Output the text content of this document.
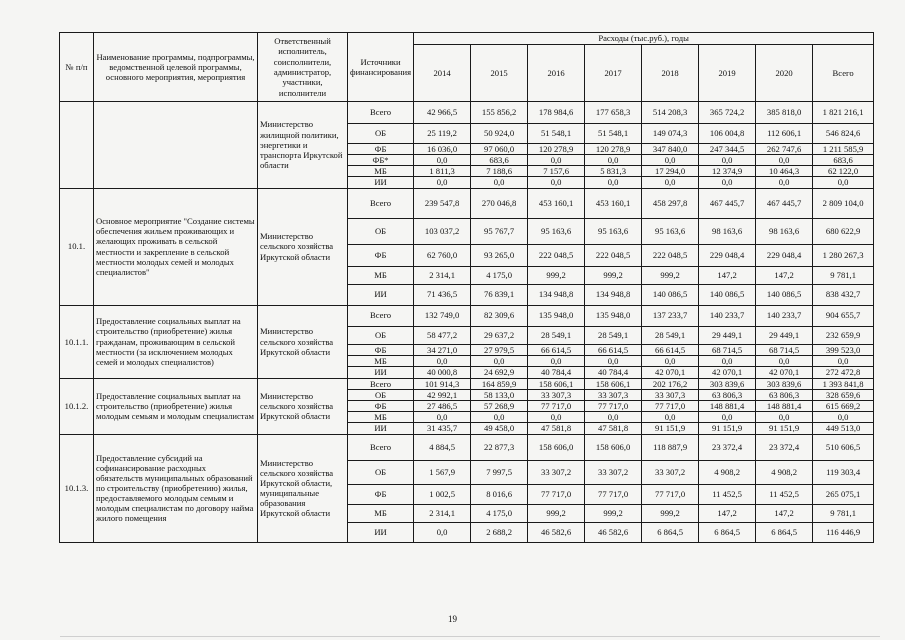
№ п/п	Наименование программы, подпрограммы, ведомственной целевой программы, основного мероприятия, мероприятия	Ответственный исполнитель, соисполнители, администратор, участники, исполнители	Источники финансирования	Расходы (тыс.руб.), годы							
				2014	2015	2016	2017	2018	2019	2020	Всего
		Министерство жилищной политики, энергетики и транспорта Иркутской области	Всего	42 966,5	155 856,2	178 984,6	177 658,3	514 208,3	365 724,2	385 818,0	1 821 216,1
			ОБ	25 119,2	50 924,0	51 548,1	51 548,1	149 074,3	106 004,8	112 606,1	546 824,6
			ФБ	16 036,0	97 060,0	120 278,9	120 278,9	347 840,0	247 344,5	262 747,6	1 211 585,9
			ФБ*	0,0	683,6	0,0	0,0	0,0	0,0	0,0	683,6
			МБ	1 811,3	7 188,6	7 157,6	5 831,3	17 294,0	12 374,9	10 464,3	62 122,0
			ИИ	0,0	0,0	0,0	0,0	0,0	0,0	0,0	0,0
10.1.	Основное мероприятие "Создание системы обеспечения жильем проживающих и желающих проживать в сельской местности и закрепление в сельской местности молодых семей и молодых специалистов"	Министерство сельского хозяйства Иркутской области	Всего	239 547,8	270 046,8	453 160,1	453 160,1	458 297,8	467 445,7	467 445,7	2 809 104,0
			ОБ	103 037,2	95 767,7	95 163,6	95 163,6	95 163,6	98 163,6	98 163,6	680 622,9
			ФБ	62 760,0	93 265,0	222 048,5	222 048,5	222 048,5	229 048,4	229 048,4	1 280 267,3
			МБ	2 314,1	4 175,0	999,2	999,2	999,2	147,2	147,2	9 781,1
			ИИ	71 436,5	76 839,1	134 948,8	134 948,8	140 086,5	140 086,5	140 086,5	838 432,7
10.1.1.	Предоставление социальных выплат на строительство (приобретение) жилья гражданам, проживающим в сельской местности (за исключением молодых семей и молодых специалистов)	Министерство сельского хозяйства Иркутской области	Всего	132 749,0	82 309,6	135 948,0	135 948,0	137 233,7	140 233,7	140 233,7	904 655,7
			ОБ	58 477,2	29 637,2	28 549,1	28 549,1	28 549,1	29 449,1	29 449,1	232 659,9
			ФБ	34 271,0	27 979,5	66 614,5	66 614,5	66 614,5	68 714,5	68 714,5	399 523,0
			МБ	0,0	0,0	0,0	0,0	0,0	0,0	0,0	0,0
			ИИ	40 000,8	24 692,9	40 784,4	40 784,4	42 070,1	42 070,1	42 070,1	272 472,8
10.1.2.	Предоставление социальных выплат на строительство (приобретение) жилья молодым семьям и молодым специалистам	Министерство сельского хозяйства Иркутской области	Всего	101 914,3	164 859,9	158 606,1	158 606,1	202 176,2	303 839,6	303 839,6	1 393 841,8
			ОБ	42 992,1	58 133,0	33 307,3	33 307,3	33 307,3	63 806,3	63 806,3	328 659,6
			ФБ	27 486,5	57 268,9	77 717,0	77 717,0	77 717,0	148 881,4	148 881,4	615 669,2
			МБ	0,0	0,0	0,0	0,0	0,0	0,0	0,0	0,0
			ИИ	31 435,7	49 458,0	47 581,8	47 581,8	91 151,9	91 151,9	91 151,9	449 513,0
10.1.3.	Предоставление субсидий на софинансирование расходных обязательств муниципальных образований по строительству (приобретению) жилья, предоставляемого молодым семьям и молодым специалистам по договору найма жилого помещения	Министерство сельского хозяйства Иркутской области, муниципальные образования Иркутской области	Всего	4 884,5	22 877,3	158 606,0	158 606,0	118 887,9	23 372,4	23 372,4	510 606,5
			ОБ	1 567,9	7 997,5	33 307,2	33 307,2	33 307,2	4 908,2	4 908,2	119 303,4
			ФБ	1 002,5	8 016,6	77 717,0	77 717,0	77 717,0	11 452,5	11 452,5	265 075,1
			МБ	2 314,1	4 175,0	999,2	999,2	999,2	147,2	147,2	9 781,1
			ИИ	0,0	2 688,2	46 582,6	46 582,6	6 864,5	6 864,5	6 864,5	116 446,9
19
